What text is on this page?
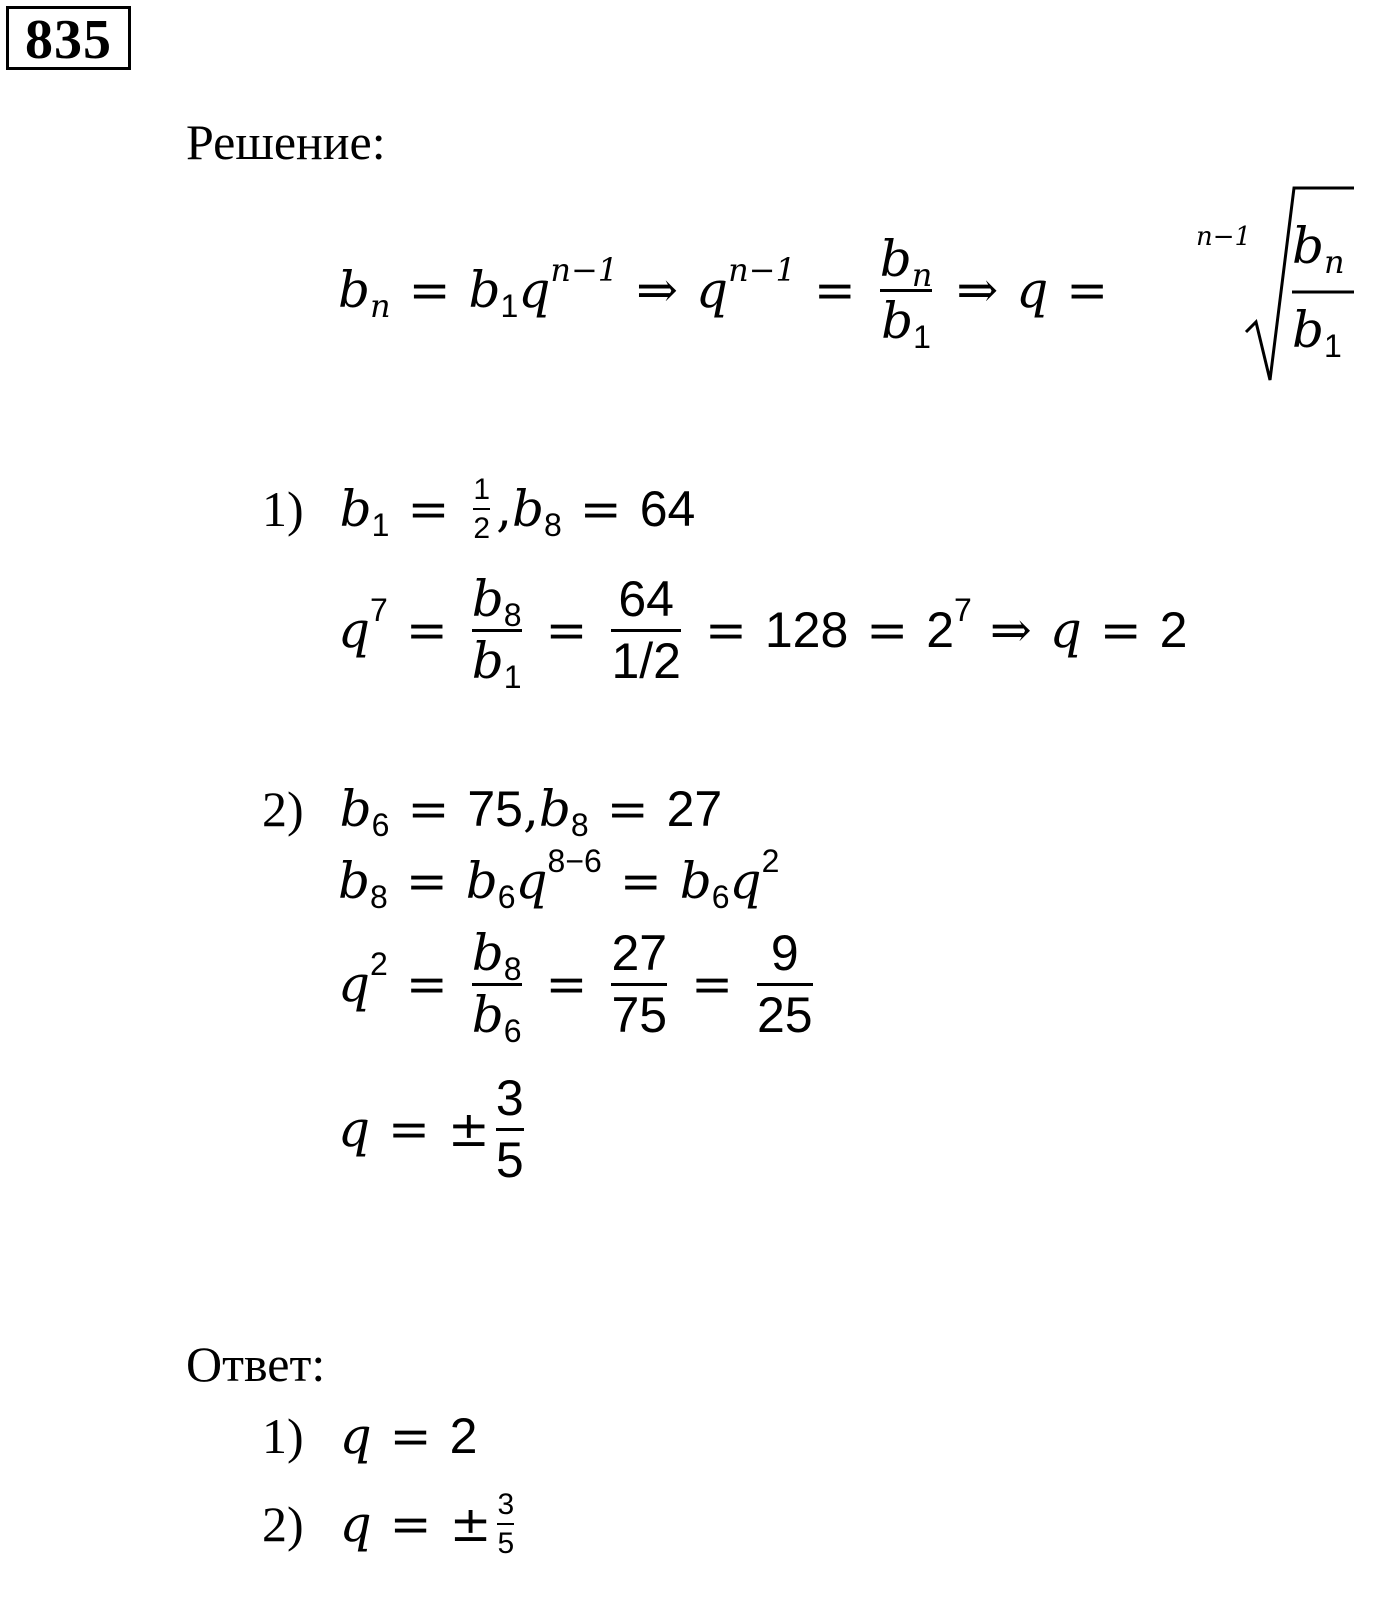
835
Решение:
b n = b 1 q n−1 ⇒ q $n-1 = \frac{b_n}{b_1}$ ⇒ q =
n−1 $b_n$
$b_1$
1) b $1 = \frac{1}{2}$ , b 8 = 64
q $7 = \frac{b_8}{b_1} = \frac{64}{1/2} = 128 = 2$ 7 ⇒ q = 2
2) b 6 = 75 , b 8 = 27
b 8 = b 6 q 8−6 = b 6 q 2
q $2 = \frac{b_8}{b_6} = \frac{27}{75} = \frac{9}{25}$
q = ± $\frac{3}{5}$
Ответ:
1) q = 2
2) q = ± $\frac{3}{5}$
